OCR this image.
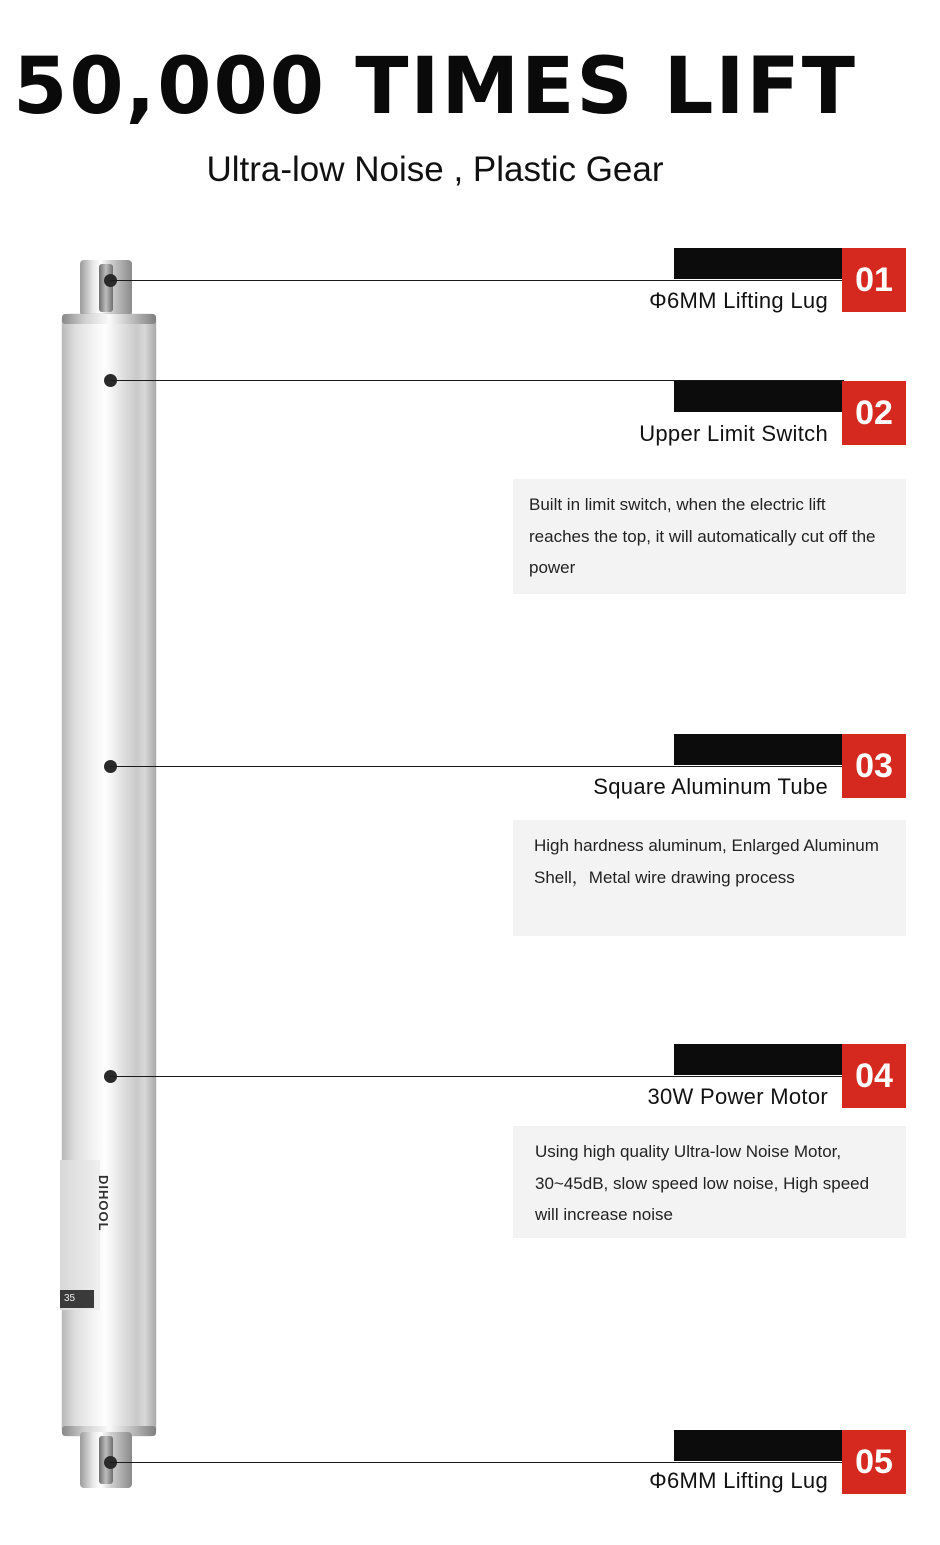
50,000 TIMES LIFT
Ultra-low Noise , Plastic Gear
35
DIHOOL
01
Φ6MM Lifting Lug
02
Upper Limit Switch
Built in limit switch, when the electric lift reaches the top, it will automatically cut off the power
03
Square Aluminum Tube
High hardness aluminum, Enlarged Aluminum Shell，Metal wire drawing process
04
30W Power Motor
Using high quality Ultra-low Noise Motor, 30~45dB, slow speed low noise, High speed will increase noise
05
Φ6MM Lifting Lug
